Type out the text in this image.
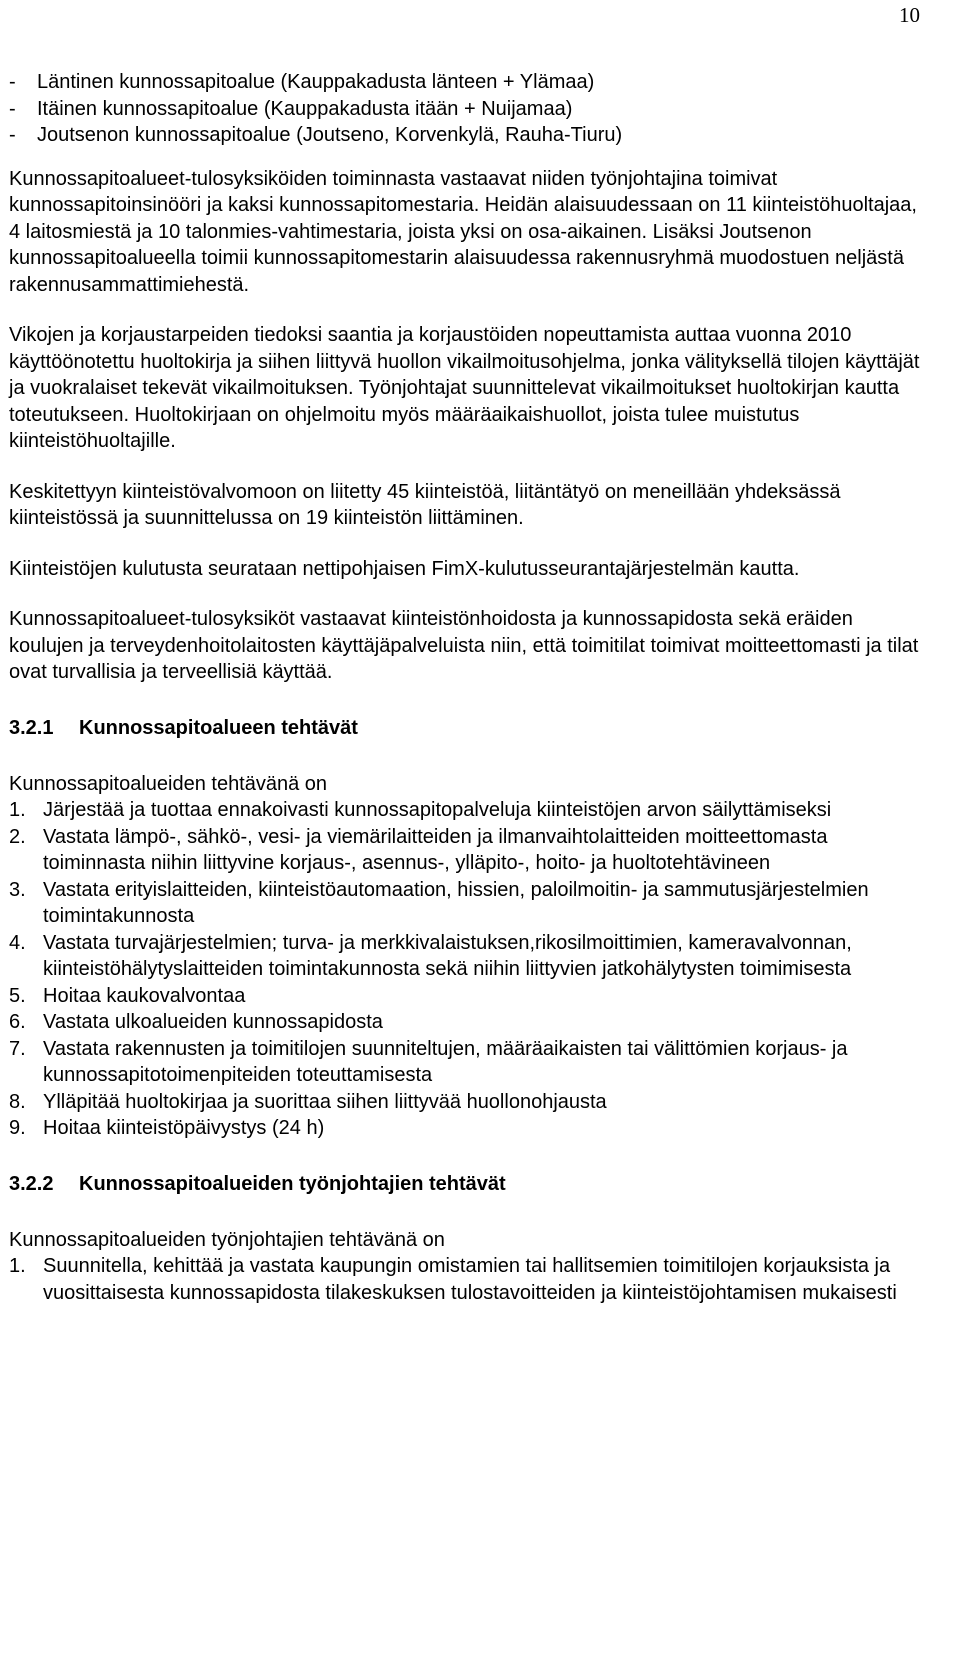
10
- Läntinen kunnossapitoalue (Kauppakadusta länteen + Ylämaa)
- Itäinen kunnossapitoalue (Kauppakadusta itään + Nuijamaa)
- Joutsenon kunnossapitoalue (Joutseno, Korvenkylä, Rauha-Tiuru)

Kunnossapitoalueet-tulosyksiköiden toiminnasta vastaavat niiden työnjohtajina toimivat kunnossapitoinsinööri ja kaksi kunnossapitomestaria. Heidän alaisuudessaan on 11 kiinteistöhuoltajaa, 4 laitosmiestä ja 10 talonmies-vahtimestaria, joista yksi on osa-aikainen. Lisäksi Joutsenon kunnossapitoalueella toimii kunnossapitomestarin alaisuudessa rakennusryhmä muodostuen neljästä rakennusammattimiehestä.

Vikojen ja korjaustarpeiden tiedoksi saantia ja korjaustöiden nopeuttamista auttaa vuonna 2010 käyttöönotettu huoltokirja ja siihen liittyvä huollon vikailmoitusohjelma, jonka välityksellä tilojen käyttäjät ja vuokralaiset tekevät vikailmoituksen. Työnjohtajat suunnittelevat vikailmoitukset huoltokirjan kautta toteutukseen. Huoltokirjaan on ohjelmoitu myös määräaikaishuollot, joista tulee muistutus kiinteistöhuoltajille.

Keskitettyyn kiinteistövalvomoon on liitetty 45 kiinteistöä, liitäntätyö on meneillään yhdeksässä kiinteistössä ja suunnittelussa on 19 kiinteistön liittäminen.

Kiinteistöjen kulutusta seurataan nettipohjaisen FimX-kulutusseurantajärjestelmän kautta.

Kunnossapitoalueet-tulosyksiköt vastaavat kiinteistönhoidosta ja kunnossapidosta sekä eräiden koulujen ja terveydenhoitolaitosten käyttäjäpalveluista niin, että toimitilat toimivat moitteettomasti ja tilat ovat turvallisia ja terveellisiä käyttää.

3.2.1 Kunnossapitoalueen tehtävät

Kunnossapitoalueiden tehtävänä on

1. Järjestää ja tuottaa ennakoivasti kunnossapitopalveluja kiinteistöjen arvon säilyttämiseksi
2. Vastata lämpö-, sähkö-, vesi- ja viemärilaitteiden ja ilmanvaihtolaitteiden moitteettomasta toiminnasta niihin liittyvine korjaus-, asennus-, ylläpito-, hoito- ja huoltotehtävineen
3. Vastata erityislaitteiden, kiinteistöautomaation, hissien, paloilmoitin- ja sammutusjärjestelmien toimintakunnosta
4. Vastata turvajärjestelmien; turva- ja merkkivalaistuksen,rikosilmoittimien, kameravalvonnan, kiinteistöhälytyslaitteiden toimintakunnosta sekä niihin liittyvien jatkohälytysten toimimisesta
5. Hoitaa kaukovalvontaa
6. Vastata ulkoalueiden kunnossapidosta
7. Vastata rakennusten ja toimitilojen suunniteltujen, määräaikaisten tai välittömien korjaus- ja kunnossapitotoimenpiteiden toteuttamisesta
8. Ylläpitää huoltokirjaa ja suorittaa siihen liittyvää huollonohjausta
9. Hoitaa kiinteistöpäivystys (24 h)
3.2.2 Kunnossapitoalueiden työnjohtajien tehtävät

Kunnossapitoalueiden työnjohtajien tehtävänä on

1. Suunnitella, kehittää ja vastata kaupungin omistamien tai hallitsemien toimitilojen korjauksista ja vuosittaisesta kunnossapidosta tilakeskuksen tulostavoitteiden ja kiinteistöjohtamisen mukaisesti
